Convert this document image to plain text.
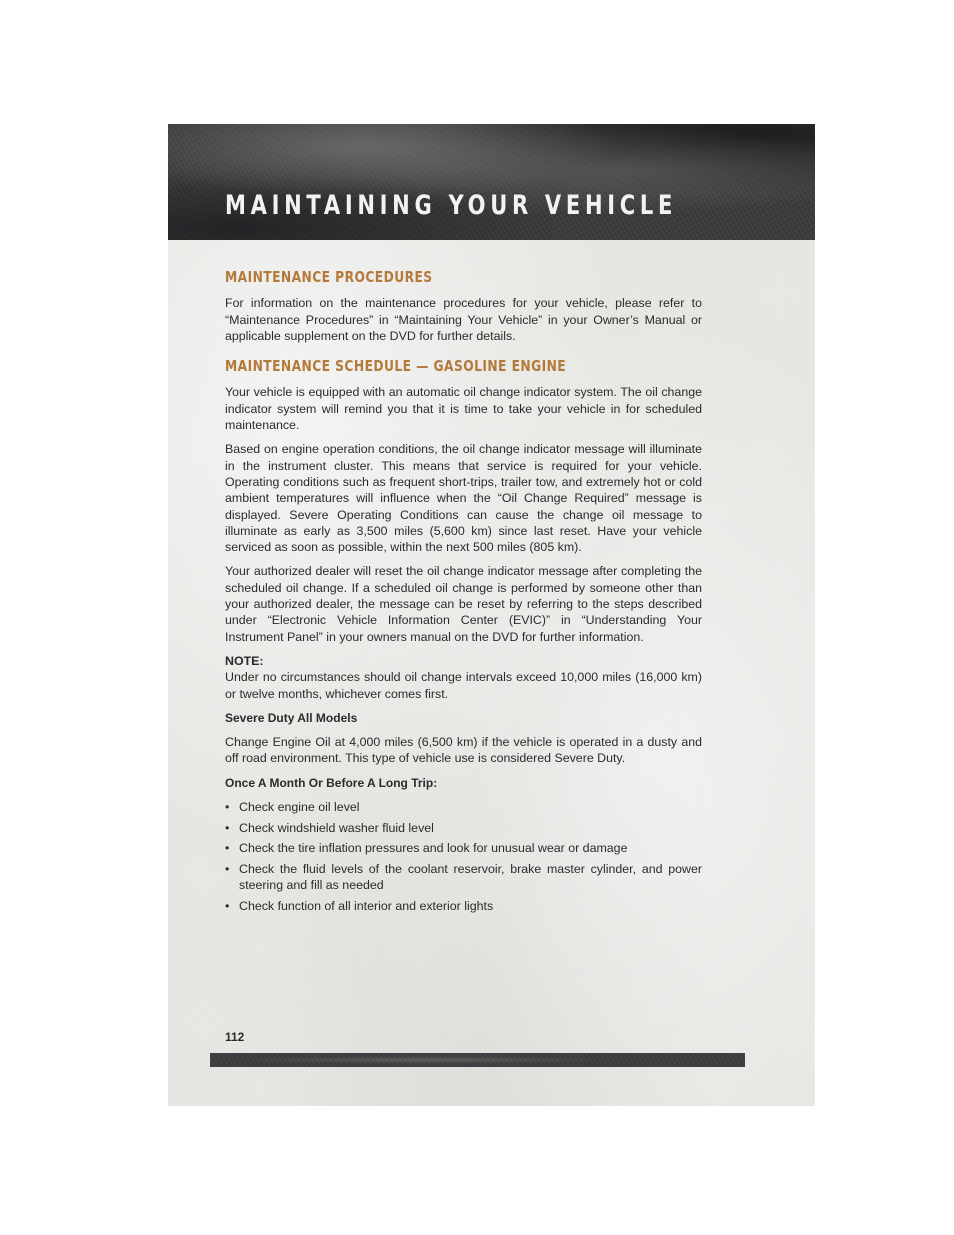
MAINTAINING YOUR VEHICLE
MAINTENANCE PROCEDURES

For information on the maintenance procedures for your vehicle, please refer to “Maintenance Procedures” in “Maintaining Your Vehicle” in your Owner’s Manual or applicable supplement on the DVD for further details.

MAINTENANCE SCHEDULE — GASOLINE ENGINE

Your vehicle is equipped with an automatic oil change indicator system. The oil change indicator system will remind you that it is time to take your vehicle in for scheduled maintenance.

Based on engine operation conditions, the oil change indicator message will illuminate in the instrument cluster. This means that service is required for your vehicle. Operating conditions such as frequent short-trips, trailer tow, and extremely hot or cold ambient temperatures will influence when the “Oil Change Required” message is displayed. Severe Operating Conditions can cause the change oil message to illuminate as early as 3,500 miles (5,600 km) since last reset. Have your vehicle serviced as soon as possible, within the next 500 miles (805 km).

Your authorized dealer will reset the oil change indicator message after completing the scheduled oil change. If a scheduled oil change is performed by someone other than your authorized dealer, the message can be reset by referring to the steps described under “Electronic Vehicle Information Center (EVIC)” in “Understanding Your Instrument Panel” in your owners manual on the DVD for further information.

NOTE:

Under no circumstances should oil change intervals exceed 10,000 miles (16,000 km) or twelve months, whichever comes first.

Severe Duty All Models

Change Engine Oil at 4,000 miles (6,500 km) if the vehicle is operated in a dusty and off road environment. This type of vehicle use is considered Severe Duty.

Once A Month Or Before A Long Trip:

• Check engine oil level
• Check windshield washer fluid level
• Check the tire inflation pressures and look for unusual wear or damage
• Check the fluid levels of the coolant reservoir, brake master cylinder, and power steering and fill as needed
• Check function of all interior and exterior lights
112
